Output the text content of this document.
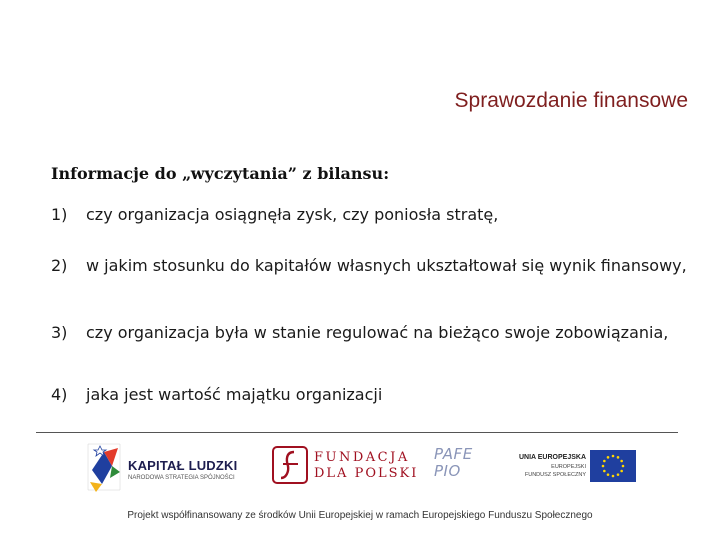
Sprawozdanie finansowe
Informacje do „wyczytania” z bilansu:
1)	czy organizacja osiągnęła zysk, czy poniosła stratę,
2)	w jakim stosunku do kapitałów własnych ukształtował się wynik finansowy,
3)	czy organizacja była w stanie regulować na bieżąco swoje zobowiązania,
4)	jaka jest wartość majątku organizacji
KAPITAŁ LUDZKI
NARODOWA STRATEGIA SPÓJNOŚCI
FUNDACJA
DLA POLSKI
PAFE
PIO
UNIA EUROPEJSKA
EUROPEJSKI
FUNDUSZ SPOŁECZNY
Projekt współfinansowany ze środków Unii Europejskiej w ramach Europejskiego Funduszu Społecznego
